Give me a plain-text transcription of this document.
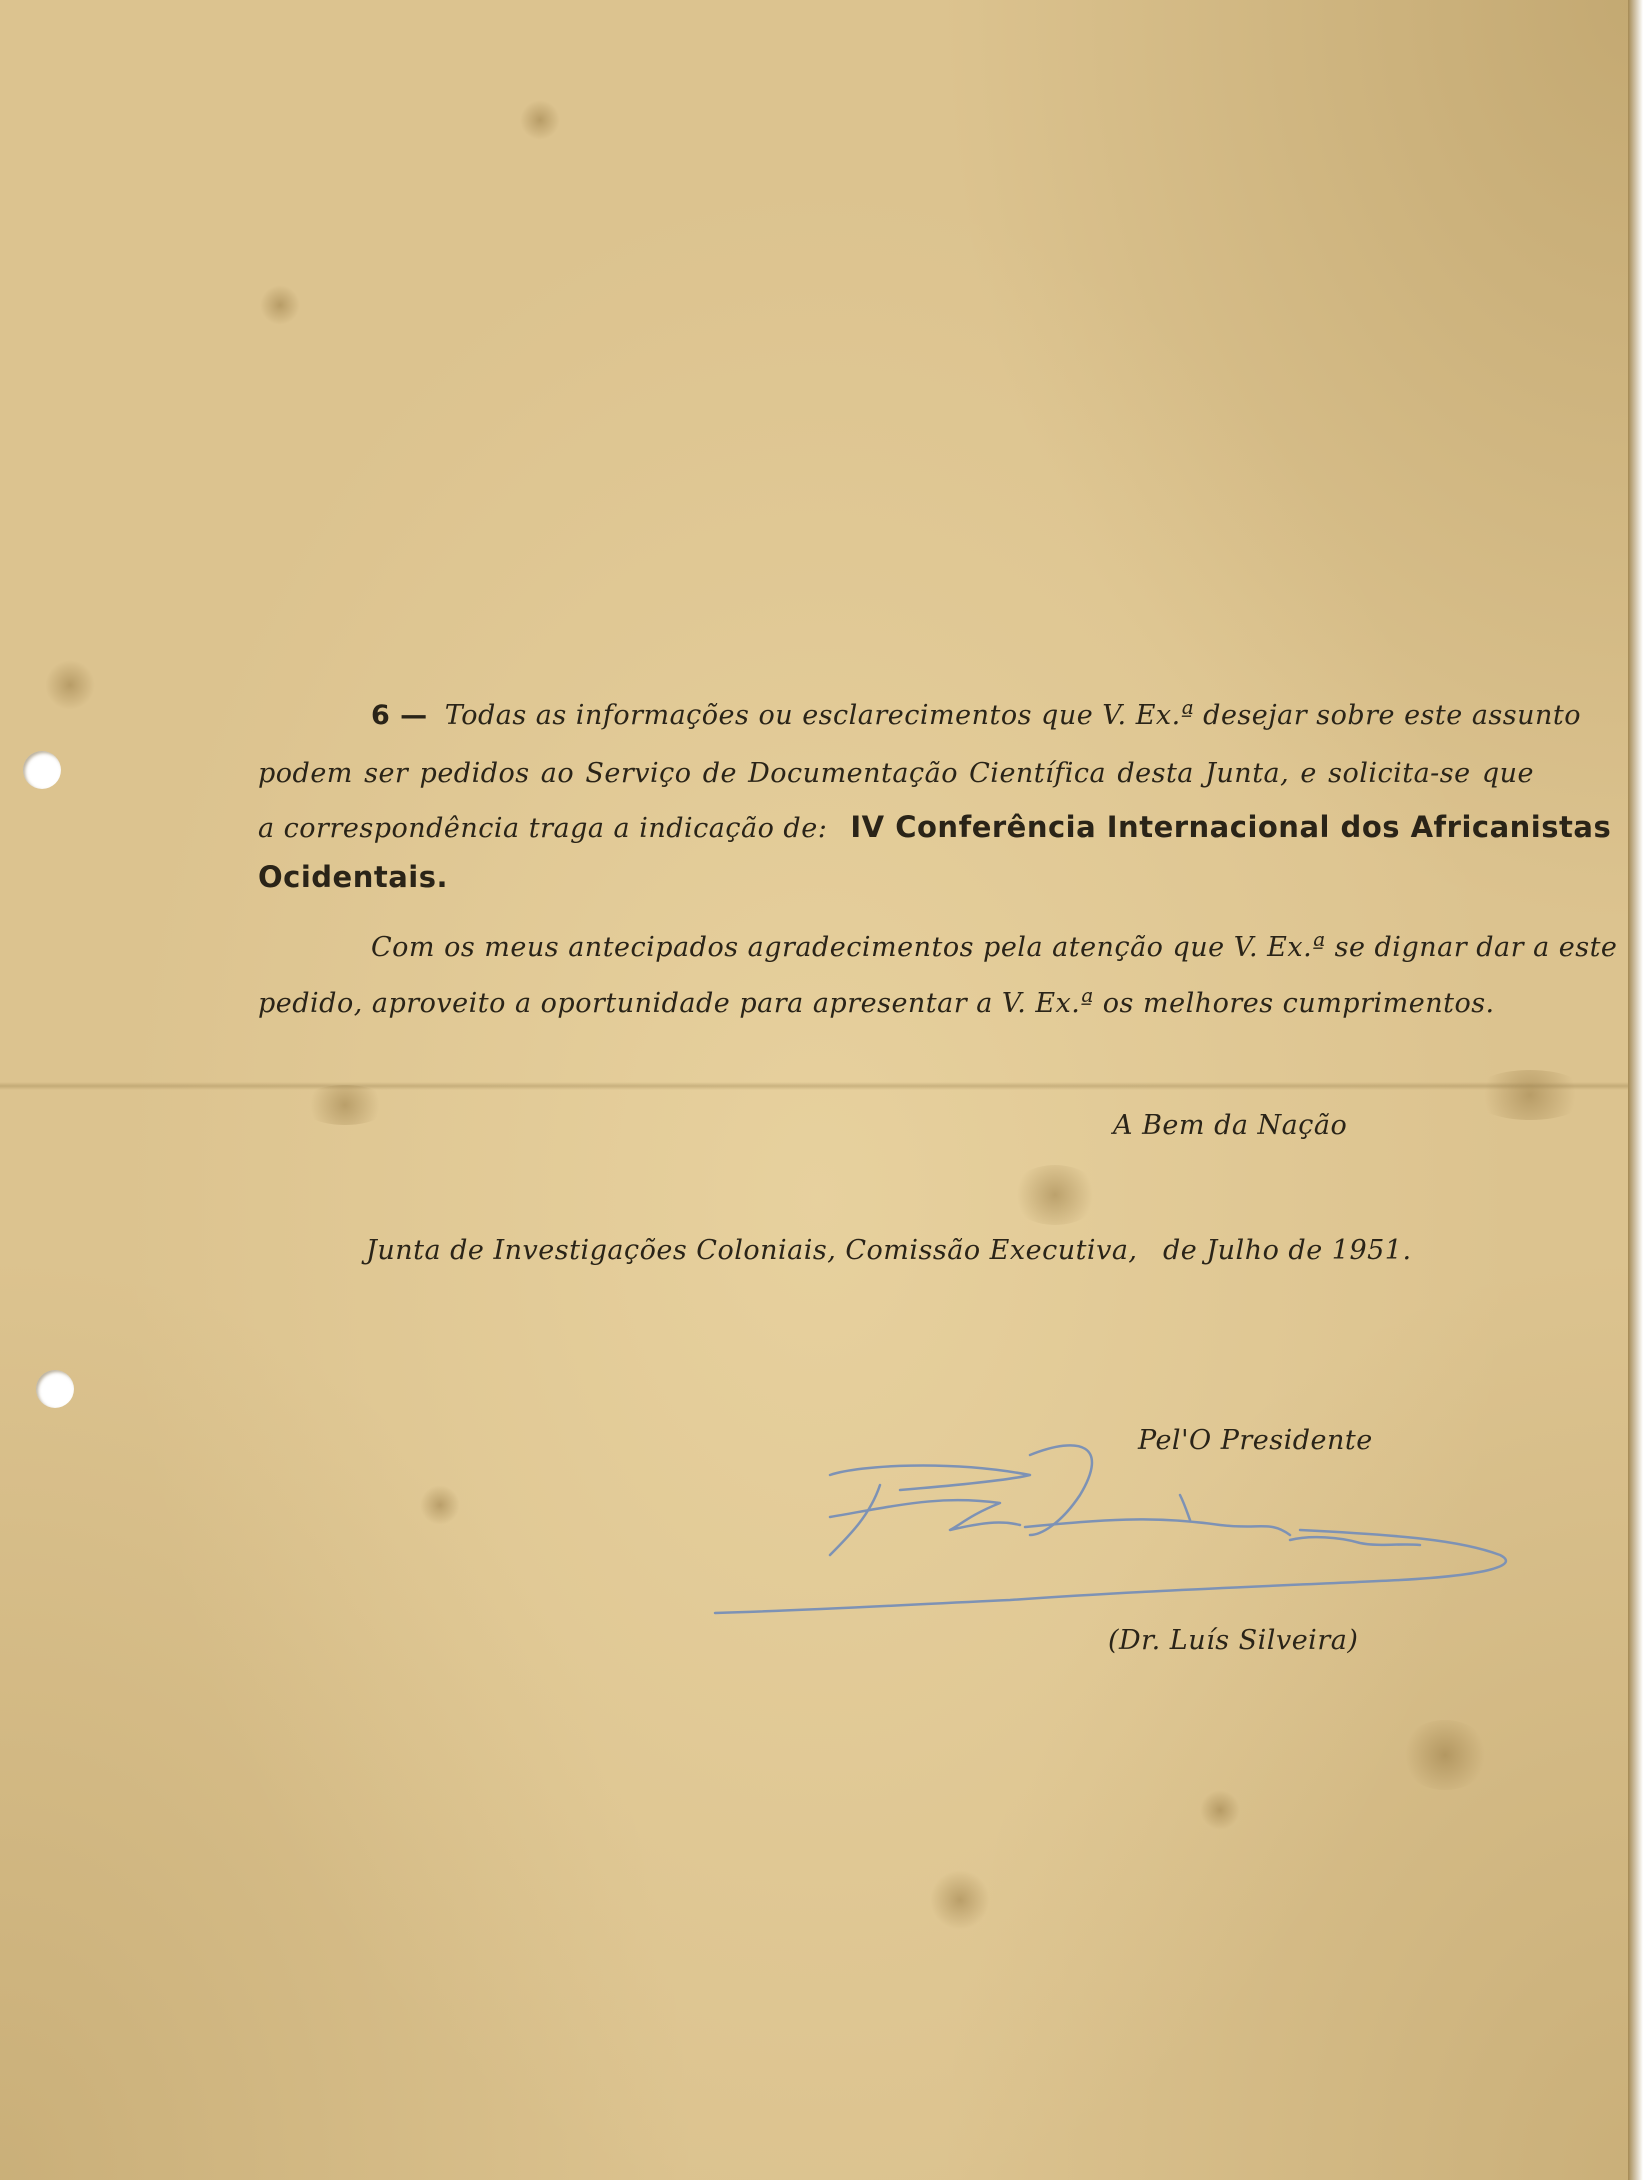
6 — Todas as informações ou esclarecimentos que V. Ex.ª desejar sobre este assunto
podem ser pedidos ao Serviço de Documentação Científica desta Junta, e solicita-se que
a correspondência traga a indicação de: IV Conferência Internacional dos Africanistas
Ocidentais.
Com os meus antecipados agradecimentos pela atenção que V. Ex.ª se dignar dar a este
pedido, aproveito a oportunidade para apresentar a V. Ex.ª os melhores cumprimentos.
A Bem da Nação
Junta de Investigações Coloniais, Comissão Executiva, de Julho de 1951.
Pel'O Presidente
(Dr. Luís Silveira)
